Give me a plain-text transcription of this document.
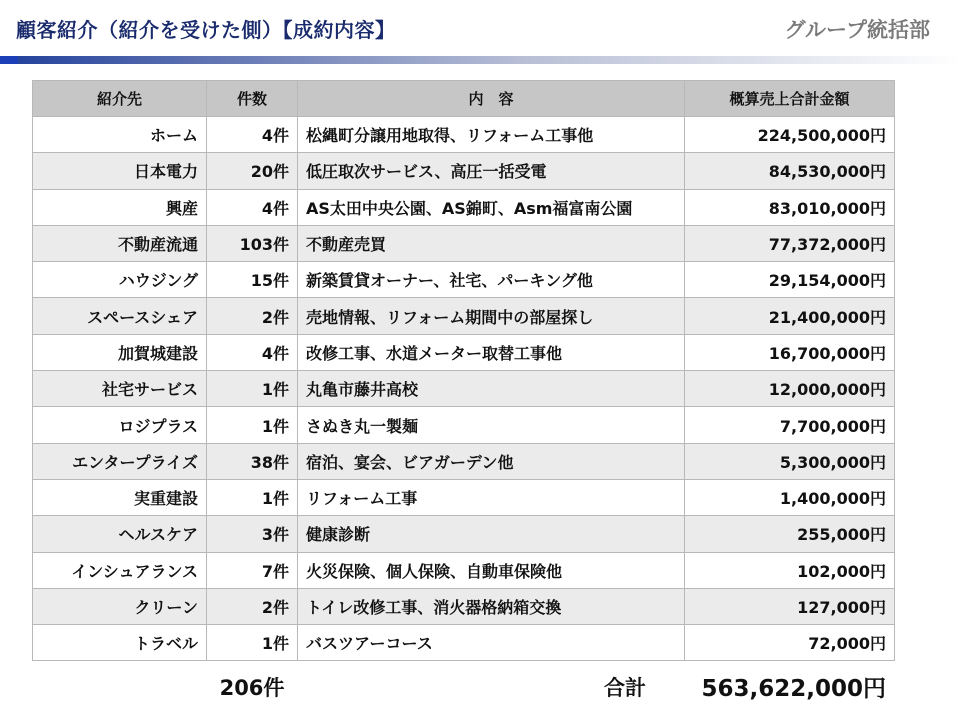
顧客紹介（紹介を受けた側）【成約内容】	グループ統括部
紹介先	件数	内　容	概算売上合計金額
ホーム	4件	松縄町分譲用地取得、リフォーム工事他	224,500,000円
日本電力	20件	低圧取次サービス、高圧一括受電	84,530,000円
興産	4件	AS太田中央公園、AS錦町、Asm福富南公園	83,010,000円
不動産流通	103件	不動産売買	77,372,000円
ハウジング	15件	新築賃貸オーナー、社宅、パーキング他	29,154,000円
スペースシェア	2件	売地情報、リフォーム期間中の部屋探し	21,400,000円
加賀城建設	4件	改修工事、水道メーター取替工事他	16,700,000円
社宅サービス	1件	丸亀市藤井高校	12,000,000円
ロジプラス	1件	さぬき丸一製麺	7,700,000円
エンタープライズ	38件	宿泊、宴会、ビアガーデン他	5,300,000円
実重建設	1件	リフォーム工事	1,400,000円
ヘルスケア	3件	健康診断	255,000円
インシュアランス	7件	火災保険、個人保険、自動車保険他	102,000円
クリーン	2件	トイレ改修工事、消火器格納箱交換	127,000円
トラベル	1件	バスツアーコース	72,000円
206件	合計 563,622,000円
